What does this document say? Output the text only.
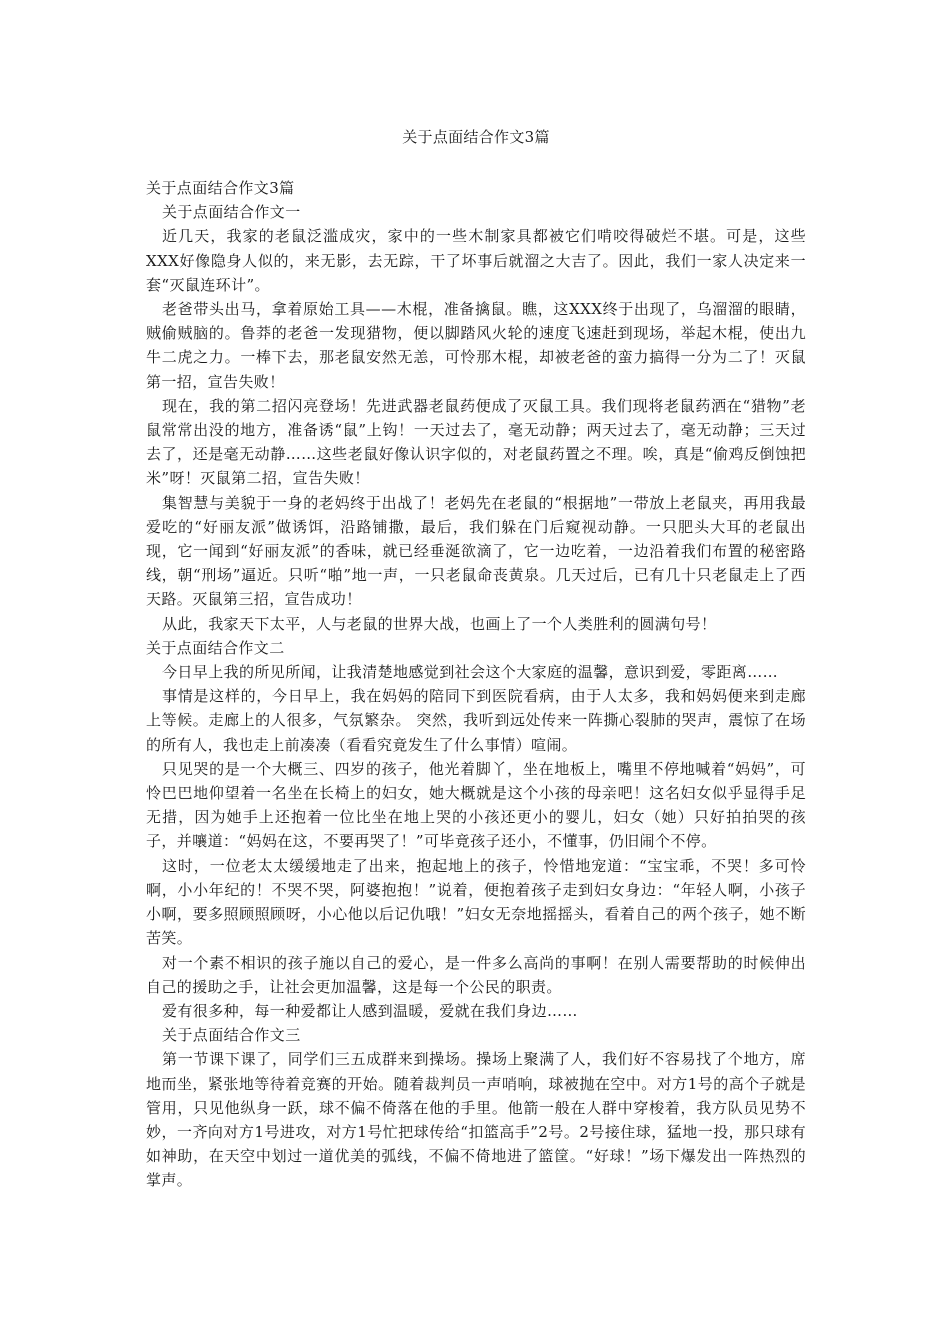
关于点面结合作文3篇

关于点面结合作文3篇

关于点面结合作文一

近几天，我家的老鼠泛滥成灾，家中的一些木制家具都被它们啃咬得破烂不堪。可是，这些XXX好像隐身人似的，来无影，去无踪，干了坏事后就溜之大吉了。因此，我们一家人决定来一套“灭鼠连环计”。

老爸带头出马，拿着原始工具——木棍，准备擒鼠。瞧，这XXX终于出现了，乌溜溜的眼睛，贼偷贼脑的。鲁莽的老爸一发现猎物，便以脚踏风火轮的速度飞速赶到现场，举起木棍，使出九牛二虎之力。一棒下去，那老鼠安然无恙，可怜那木棍，却被老爸的蛮力搞得一分为二了！灭鼠第一招，宣告失败！

现在，我的第二招闪亮登场！先进武器老鼠药便成了灭鼠工具。我们现将老鼠药洒在“猎物”老鼠常常出没的地方，准备诱“鼠”上钩！一天过去了，毫无动静；两天过去了，毫无动静；三天过去了，还是毫无动静……这些老鼠好像认识字似的，对老鼠药置之不理。唉，真是“偷鸡反倒蚀把米”呀！灭鼠第二招，宣告失败！

集智慧与美貌于一身的老妈终于出战了！老妈先在老鼠的“根据地”一带放上老鼠夹，再用我最爱吃的“好丽友派”做诱饵，沿路铺撒，最后，我们躲在门后窥视动静。一只肥头大耳的老鼠出现，它一闻到“好丽友派”的香味，就已经垂涎欲滴了，它一边吃着，一边沿着我们布置的秘密路线，朝“刑场”逼近。只听“啪”地一声，一只老鼠命丧黄泉。几天过后，已有几十只老鼠走上了西天路。灭鼠第三招，宣告成功！

从此，我家天下太平，人与老鼠的世界大战，也画上了一个人类胜利的圆满句号！

关于点面结合作文二

今日早上我的所见所闻，让我清楚地感觉到社会这个大家庭的温馨，意识到爱，零距离……

事情是这样的，今日早上，我在妈妈的陪同下到医院看病，由于人太多，我和妈妈便来到走廊上等候。走廊上的人很多，气氛繁杂。 突然，我听到远处传来一阵撕心裂肺的哭声，震惊了在场的所有人，我也走上前凑凑（看看究竟发生了什么事情）喧闹。

只见哭的是一个大概三、四岁的孩子，他光着脚丫，坐在地板上，嘴里不停地喊着“妈妈”，可怜巴巴地仰望着一名坐在长椅上的妇女，她大概就是这个小孩的母亲吧！这名妇女似乎显得手足无措，因为她手上还抱着一位比坐在地上哭的小孩还更小的婴儿，妇女（她）只好拍拍哭的孩子，并嚷道：“妈妈在这，不要再哭了！”可毕竟孩子还小，不懂事，仍旧闹个不停。

这时，一位老太太缓缓地走了出来，抱起地上的孩子，怜惜地宠道：“宝宝乖，不哭！多可怜啊，小小年纪的！不哭不哭，阿婆抱抱！”说着，便抱着孩子走到妇女身边：“年轻人啊，小孩子小啊，要多照顾照顾呀，小心他以后记仇哦！”妇女无奈地摇摇头，看着自己的两个孩子，她不断苦笑。

对一个素不相识的孩子施以自己的爱心，是一件多么高尚的事啊！在别人需要帮助的时候伸出自己的援助之手，让社会更加温馨，这是每一个公民的职责。

爱有很多种，每一种爱都让人感到温暖，爱就在我们身边……

关于点面结合作文三

第一节课下课了，同学们三五成群来到操场。操场上聚满了人，我们好不容易找了个地方，席地而坐，紧张地等待着竞赛的开始。随着裁判员一声哨响，球被抛在空中。对方1号的高个子就是管用，只见他纵身一跃，球不偏不倚落在他的手里。他箭一般在人群中穿梭着，我方队员见势不妙，一齐向对方1号进攻，对方1号忙把球传给“扣篮高手”2号。2号接住球，猛地一投，那只球有如神助，在天空中划过一道优美的弧线，不偏不倚地进了篮筐。“好球！”场下爆发出一阵热烈的掌声。
